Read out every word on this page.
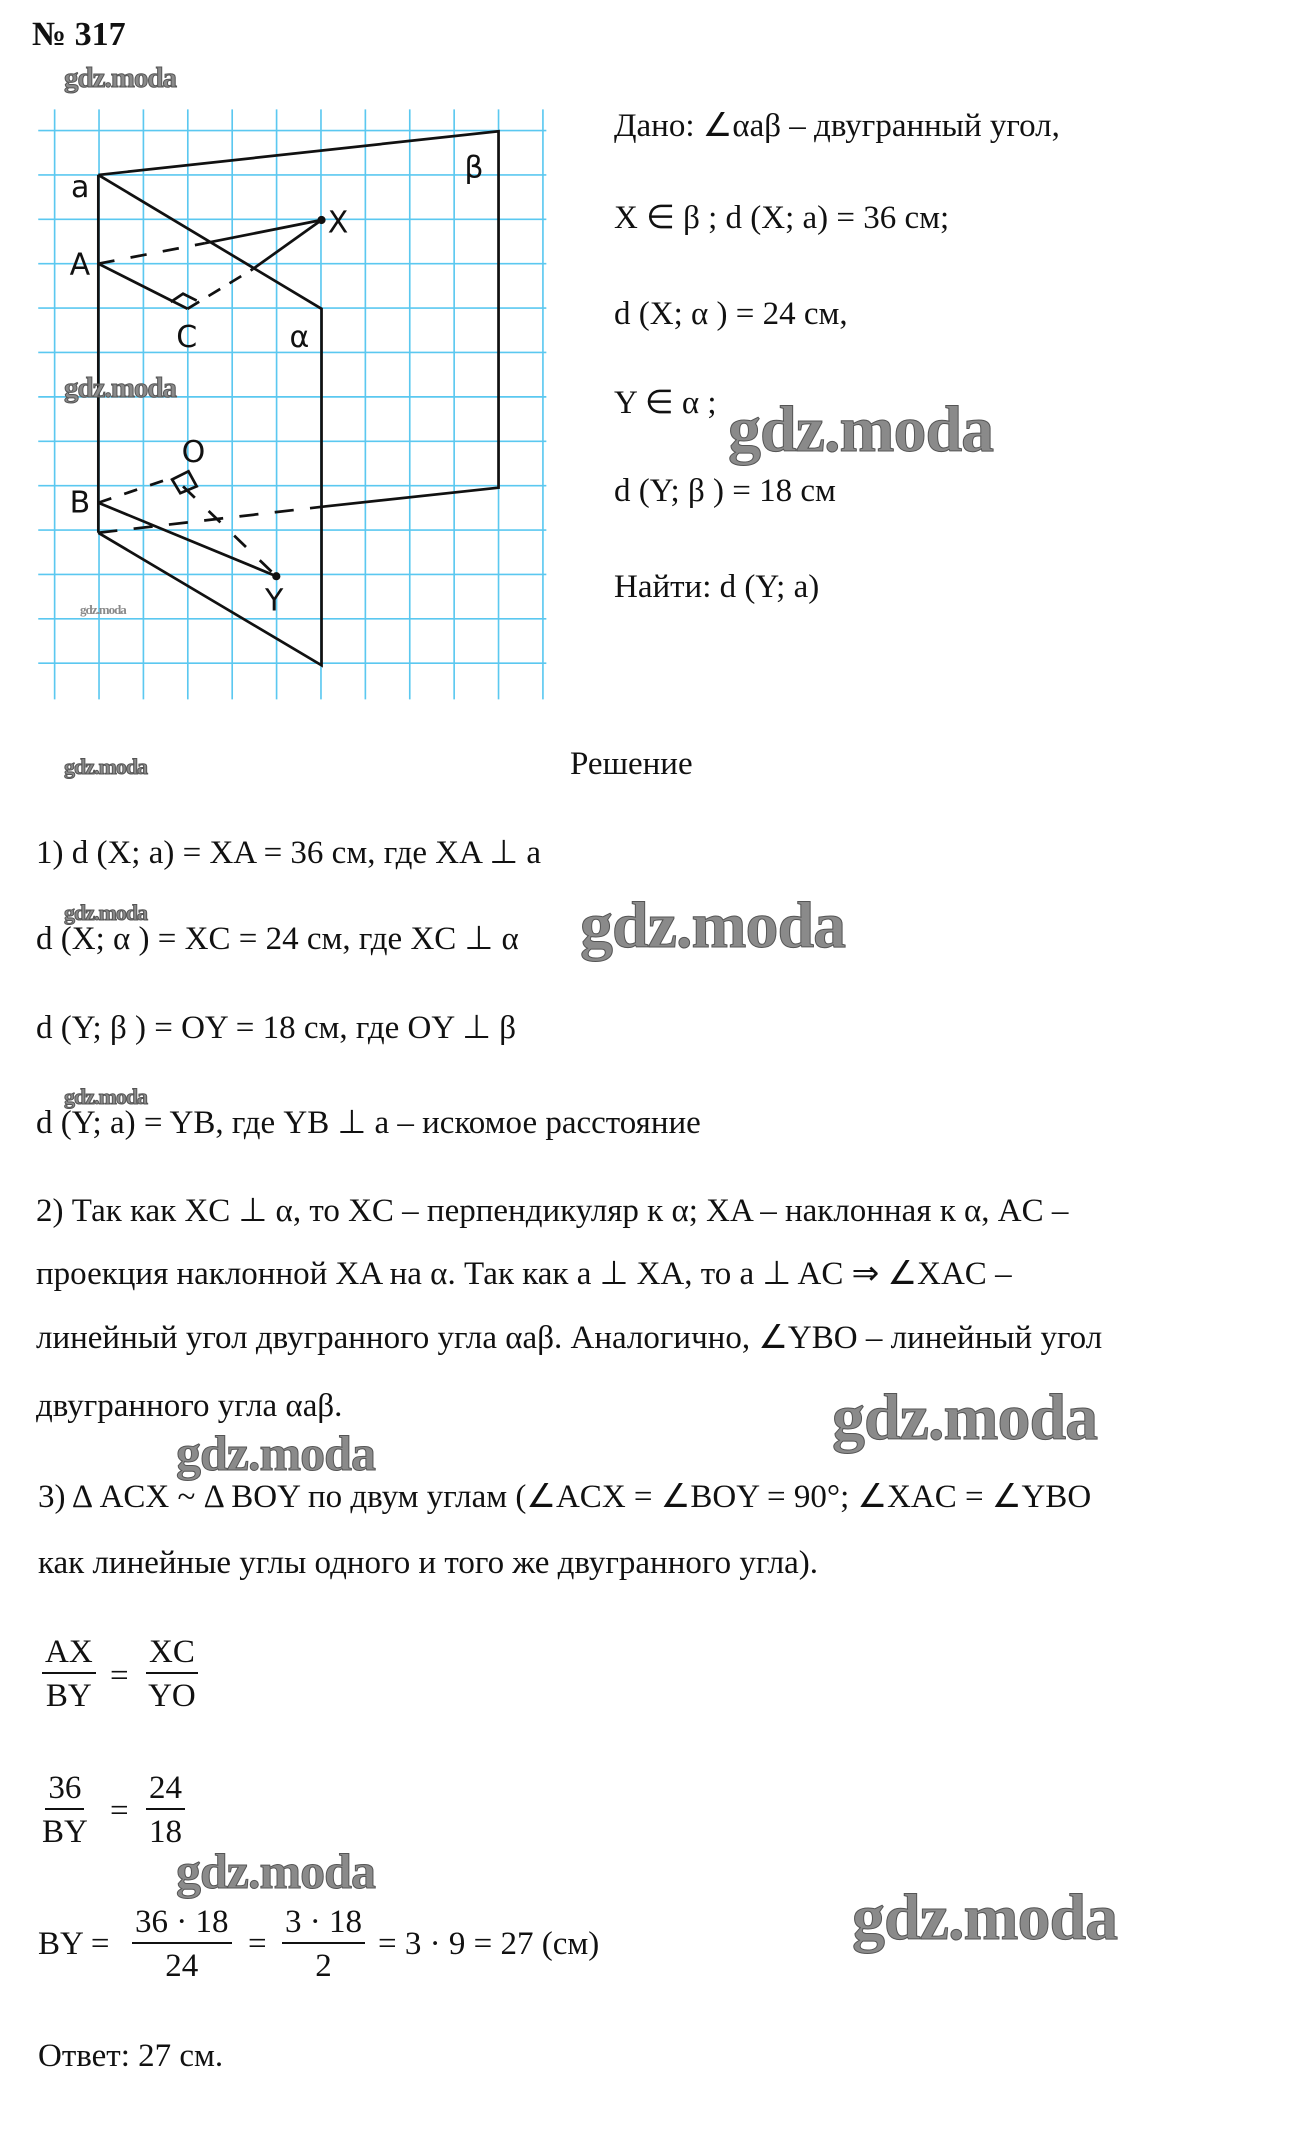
№ 317
a
A
C	α
β
X
O
B
Y
Дано: ∠αaβ – двугранный угол,
X ∈ β ; d (X; a) = 36 см;
d (X; α ) = 24 см,
Y ∈ α ;
d (Y; β ) = 18 см
Найти: d (Y; a)
Решение
1) d (X; a) = XA = 36 см, где XA ⊥ a
d (X; α ) = XC = 24 см, где XC ⊥ α
d (Y; β ) = OY = 18 см, где OY ⊥ β
d (Y; a) = YB, где YB ⊥ a – искомое расстояние
2) Так как XC ⊥ α, то XC – перпендикуляр к α; XA – наклонная к α, AC –
проекция наклонной XA на α. Так как a ⊥ XA, то a ⊥ AC ⇒ ∠XAC –
линейный угол двугранного угла αaβ. Аналогично, ∠YBO – линейный угол
двугранного угла αaβ.
3) Δ ACX ~ Δ BOY по двум углам (∠ACX = ∠BOY = 90°; ∠XAC = ∠YBO
как линейные углы одного и того же двугранного угла).
$\frac{AX}{BY} = \frac{XC}{YO}$
$\frac{36}{BY} = \frac{24}{18}$
BY = $\frac{36 \cdot 18}{24} = \frac{3 \cdot 18}{2} = 3 \cdot 9 = 27$ (см)
Ответ: 27 см.
gdz.moda
gdz.moda
gdz.moda
gdz.moda
gdz.moda
gdz.moda
gdz.moda
gdz.moda
gdz.moda
gdz.moda
gdz.moda
gdz.moda
